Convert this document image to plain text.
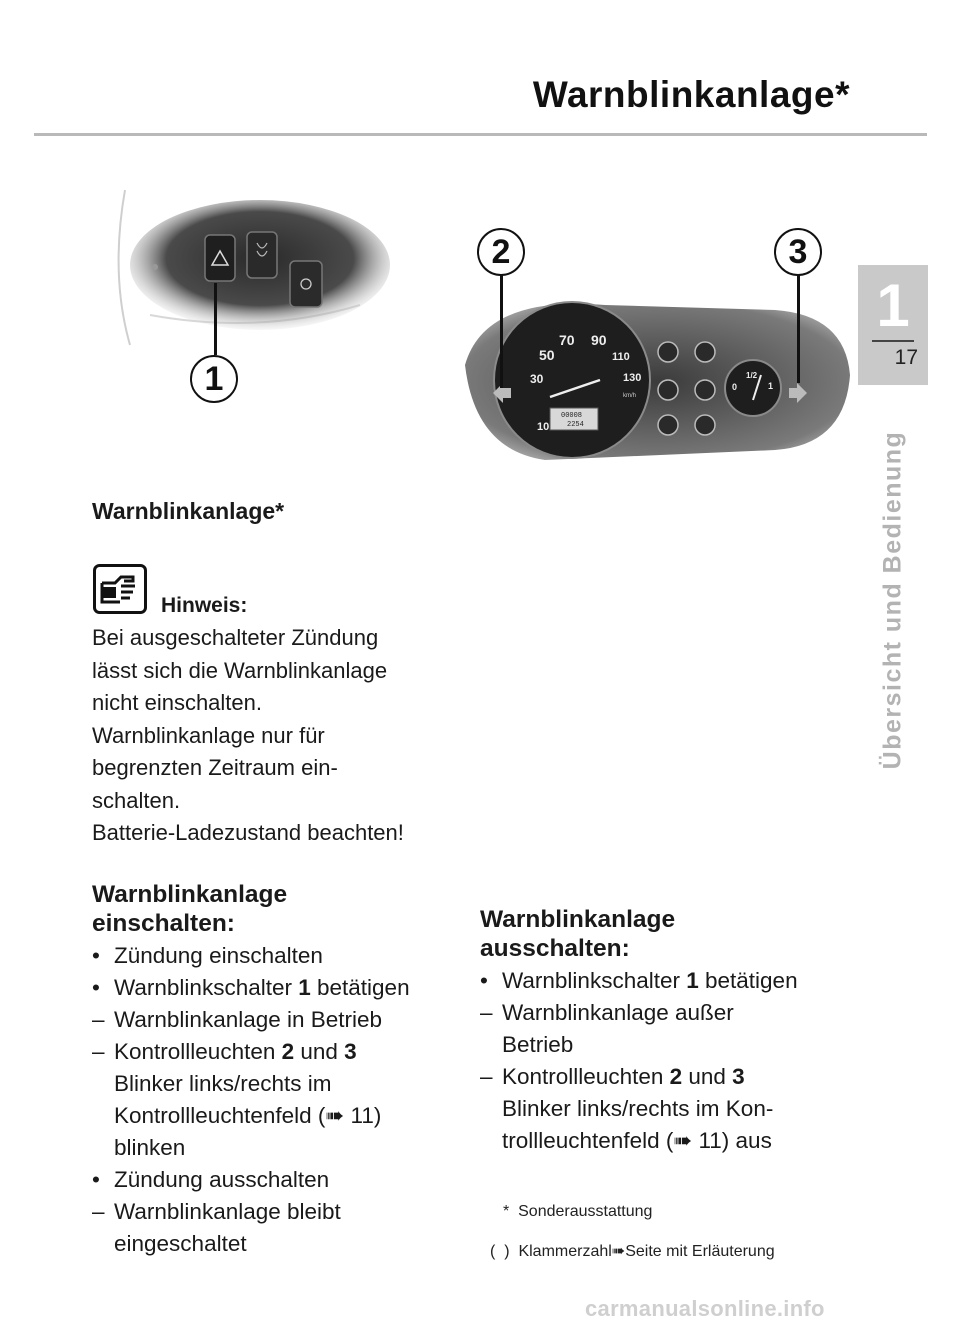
Warnblinkanlage*
1
17
Übersicht und Bedienung
1
10
30
50
70 90
110
130
km/h
00008
2254
0
1/2
1
2	3
Warnblinkanlage*
Hinweis:
Bei ausgeschalteter Zündung
lässt sich die Warnblinkanlage
nicht einschalten.
Warnblinkanlage nur für
begrenzten Zeitraum ein-
schalten.
Batterie-Ladezustand beachten!
Warnblinkanlage
einschalten:
• Zündung einschalten
• Warnblinkschalter 1 betätigen
– Warnblinkanlage in Betrieb
– Kontrollleuchten 2 und 3
Blinker links/rechts im
Kontrollleuchtenfeld (➠ 11)
blinken
• Zündung ausschalten
– Warnblinkanlage bleibt
eingeschaltet
Warnblinkanlage
ausschalten:
• Warnblinkschalter 1 betätigen
– Warnblinkanlage außer
Betrieb
– Kontrollleuchten 2 und 3
Blinker links/rechts im Kon-
trollleuchtenfeld (➠ 11) aus
*  Sonderausstattung
(  )  Klammerzahl➠Seite mit Erläuterung
carmanualsonline.info
